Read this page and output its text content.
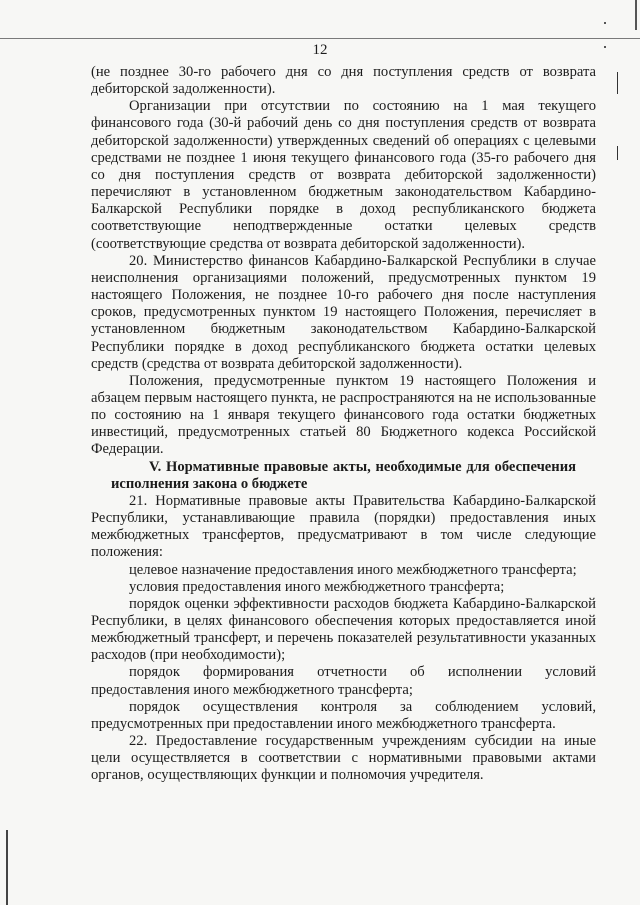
12

(не позднее 30-го рабочего дня со дня поступления средств от возврата дебиторской задолженности).

Организации при отсутствии по состоянию на 1 мая текущего финансового года (30-й рабочий день со дня поступления средств от возврата дебиторской задолженности) утвержденных сведений об операциях с целевыми средствами не позднее 1 июня текущего финансового года (35-го рабочего дня со дня поступления средств от возврата дебиторской задолженности) перечисляют в установленном бюджетным законодательством Кабардино-Балкарской Республики порядке в доход республиканского бюджета соответствующие неподтвержденные остатки целевых средств (соответствующие средства от возврата дебиторской задолженности).

20. Министерство финансов Кабардино-Балкарской Республики в случае неисполнения организациями положений, предусмотренных пунктом 19 настоящего Положения, не позднее 10-го рабочего дня после наступления сроков, предусмотренных пунктом 19 настоящего Положения, перечисляет в установленном бюджетным законодательством Кабардино-Балкарской Республики порядке в доход республиканского бюджета остатки целевых средств (средства от возврата дебиторской задолженности).

Положения, предусмотренные пунктом 19 настоящего Положения и абзацем первым настоящего пункта, не распространяются на не использованные по состоянию на 1 января текущего финансового года остатки бюджетных инвестиций, предусмотренных статьей 80 Бюджетного кодекса Российской Федерации.

V. Нормативные правовые акты, необходимые для обеспечения исполнения закона о бюджете

21. Нормативные правовые акты Правительства Кабардино-Балкарской Республики, устанавливающие правила (порядки) предоставления иных межбюджетных трансфертов, предусматривают в том числе следующие положения:

целевое назначение предоставления иного межбюджетного трансферта;

условия предоставления иного межбюджетного трансферта;

порядок оценки эффективности расходов бюджета Кабардино-Балкарской Республики, в целях финансового обеспечения которых предоставляется иной межбюджетный трансферт, и перечень показателей результативности указанных расходов (при необходимости);

порядок формирования отчетности об исполнении условий предоставления иного межбюджетного трансферта;

порядок осуществления контроля за соблюдением условий, предусмотренных при предоставлении иного межбюджетного трансферта.

22. Предоставление государственным учреждениям субсидии на иные цели осуществляется в соответствии с нормативными правовыми актами органов, осуществляющих функции и полномочия учредителя.
